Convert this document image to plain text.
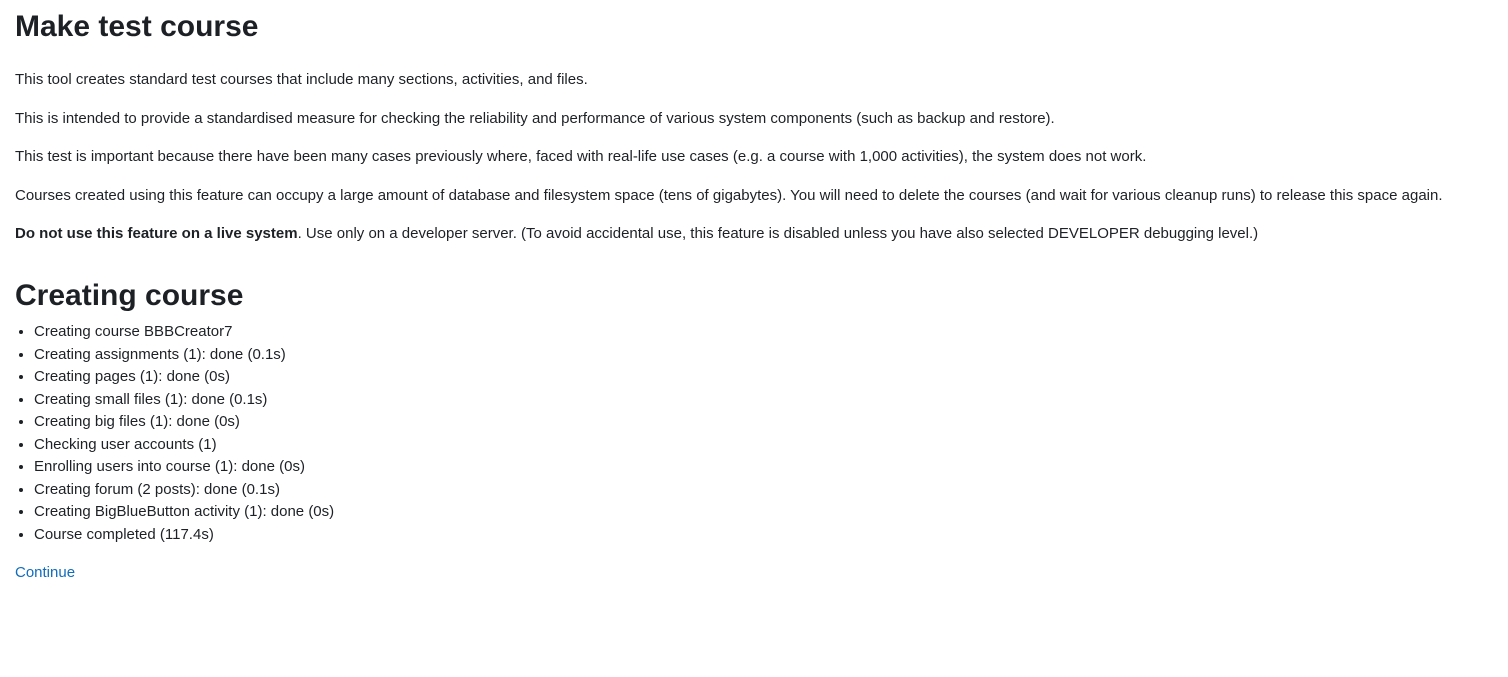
Make test course

This tool creates standard test courses that include many sections, activities, and files.

This is intended to provide a standardised measure for checking the reliability and performance of various system components (such as backup and restore).

This test is important because there have been many cases previously where, faced with real-life use cases (e.g. a course with 1,000 activities), the system does not work.

Courses created using this feature can occupy a large amount of database and filesystem space (tens of gigabytes). You will need to delete the courses (and wait for various cleanup runs) to release this space again.

Do not use this feature on a live system. Use only on a developer server. (To avoid accidental use, this feature is disabled unless you have also selected DEVELOPER debugging level.)

Creating course
• Creating course BBBCreator7
• Creating assignments (1): done (0.1s)
• Creating pages (1): done (0s)
• Creating small files (1): done (0.1s)
• Creating big files (1): done (0s)
• Checking user accounts (1)
• Enrolling users into course (1): done (0s)
• Creating forum (2 posts): done (0.1s)
• Creating BigBlueButton activity (1): done (0s)
• Course completed (117.4s)
Continue
